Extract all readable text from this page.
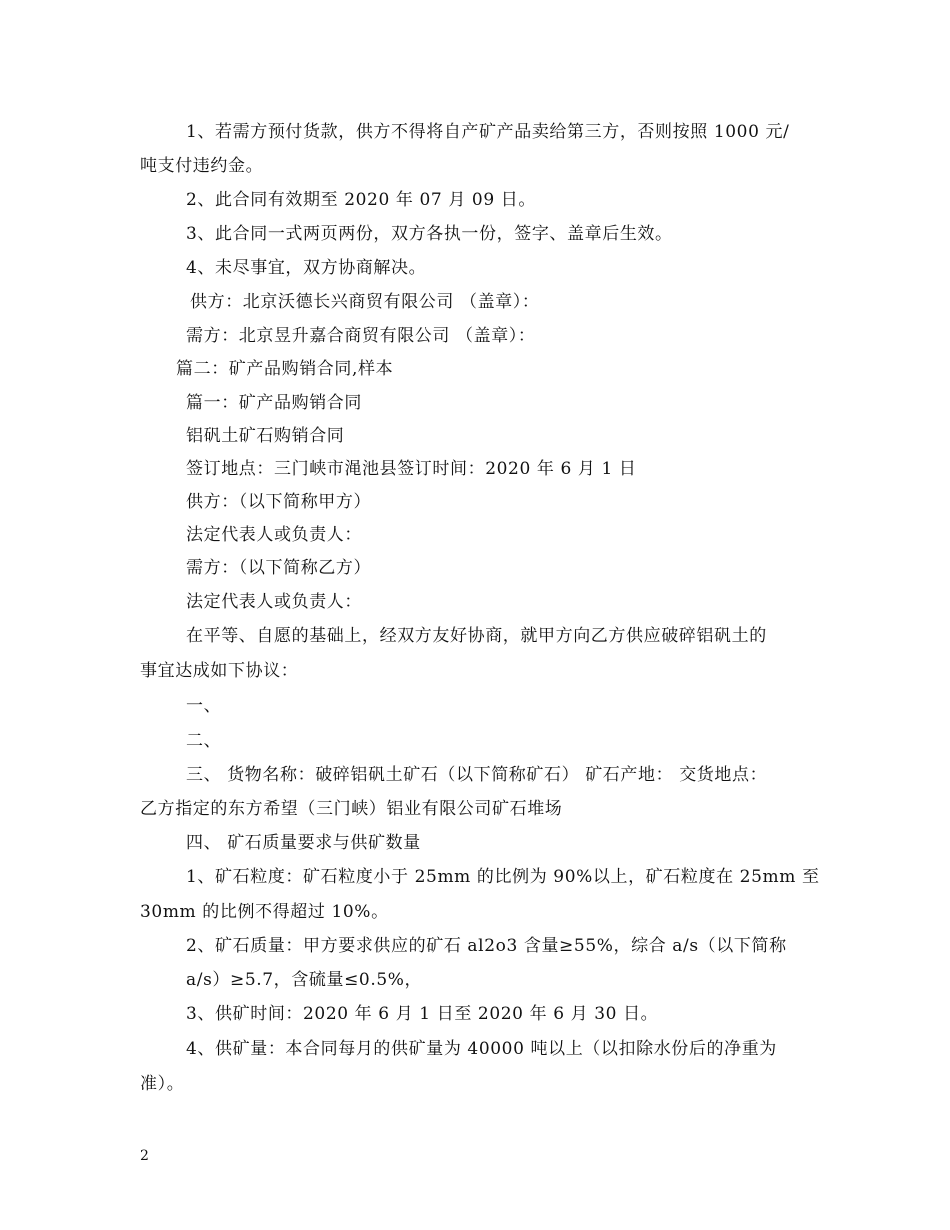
1、若需方预付货款，供方不得将自产矿产品卖给第三方，否则按照 1000 元/
吨支付违约金。
2、此合同有效期至 2020 年 07 月 09 日。
3、此合同一式两页两份，双方各执一份，签字、盖章后生效。
4、未尽事宜，双方协商解决。
供方：北京沃德长兴商贸有限公司 （盖章）：
需方：北京昱升嘉合商贸有限公司 （盖章）：
篇二：矿产品购销合同,样本
篇一：矿产品购销合同
铝矾土矿石购销合同
签订地点：三门峡市渑池县签订时间：2020 年 6 月 1 日
供方：（以下简称甲方）
法定代表人或负责人：
需方：（以下简称乙方）
法定代表人或负责人：
在平等、自愿的基础上，经双方友好协商，就甲方向乙方供应破碎铝矾土的
事宜达成如下协议：
一、
二、
三、 货物名称：破碎铝矾土矿石（以下简称矿石） 矿石产地： 交货地点：
乙方指定的东方希望（三门峡）铝业有限公司矿石堆场
四、 矿石质量要求与供矿数量
1、矿石粒度：矿石粒度小于 25mm 的比例为 90%以上，矿石粒度在 25mm 至
30mm 的比例不得超过 10%。
2、矿石质量：甲方要求供应的矿石 al2o3 含量≥55%，综合 a/s（以下简称
a/s）≥5.7，含硫量≤0.5%，
3、供矿时间：2020 年 6 月 1 日至 2020 年 6 月 30 日。
4、供矿量：本合同每月的供矿量为 40000 吨以上（以扣除水份后的净重为
准）。
2
